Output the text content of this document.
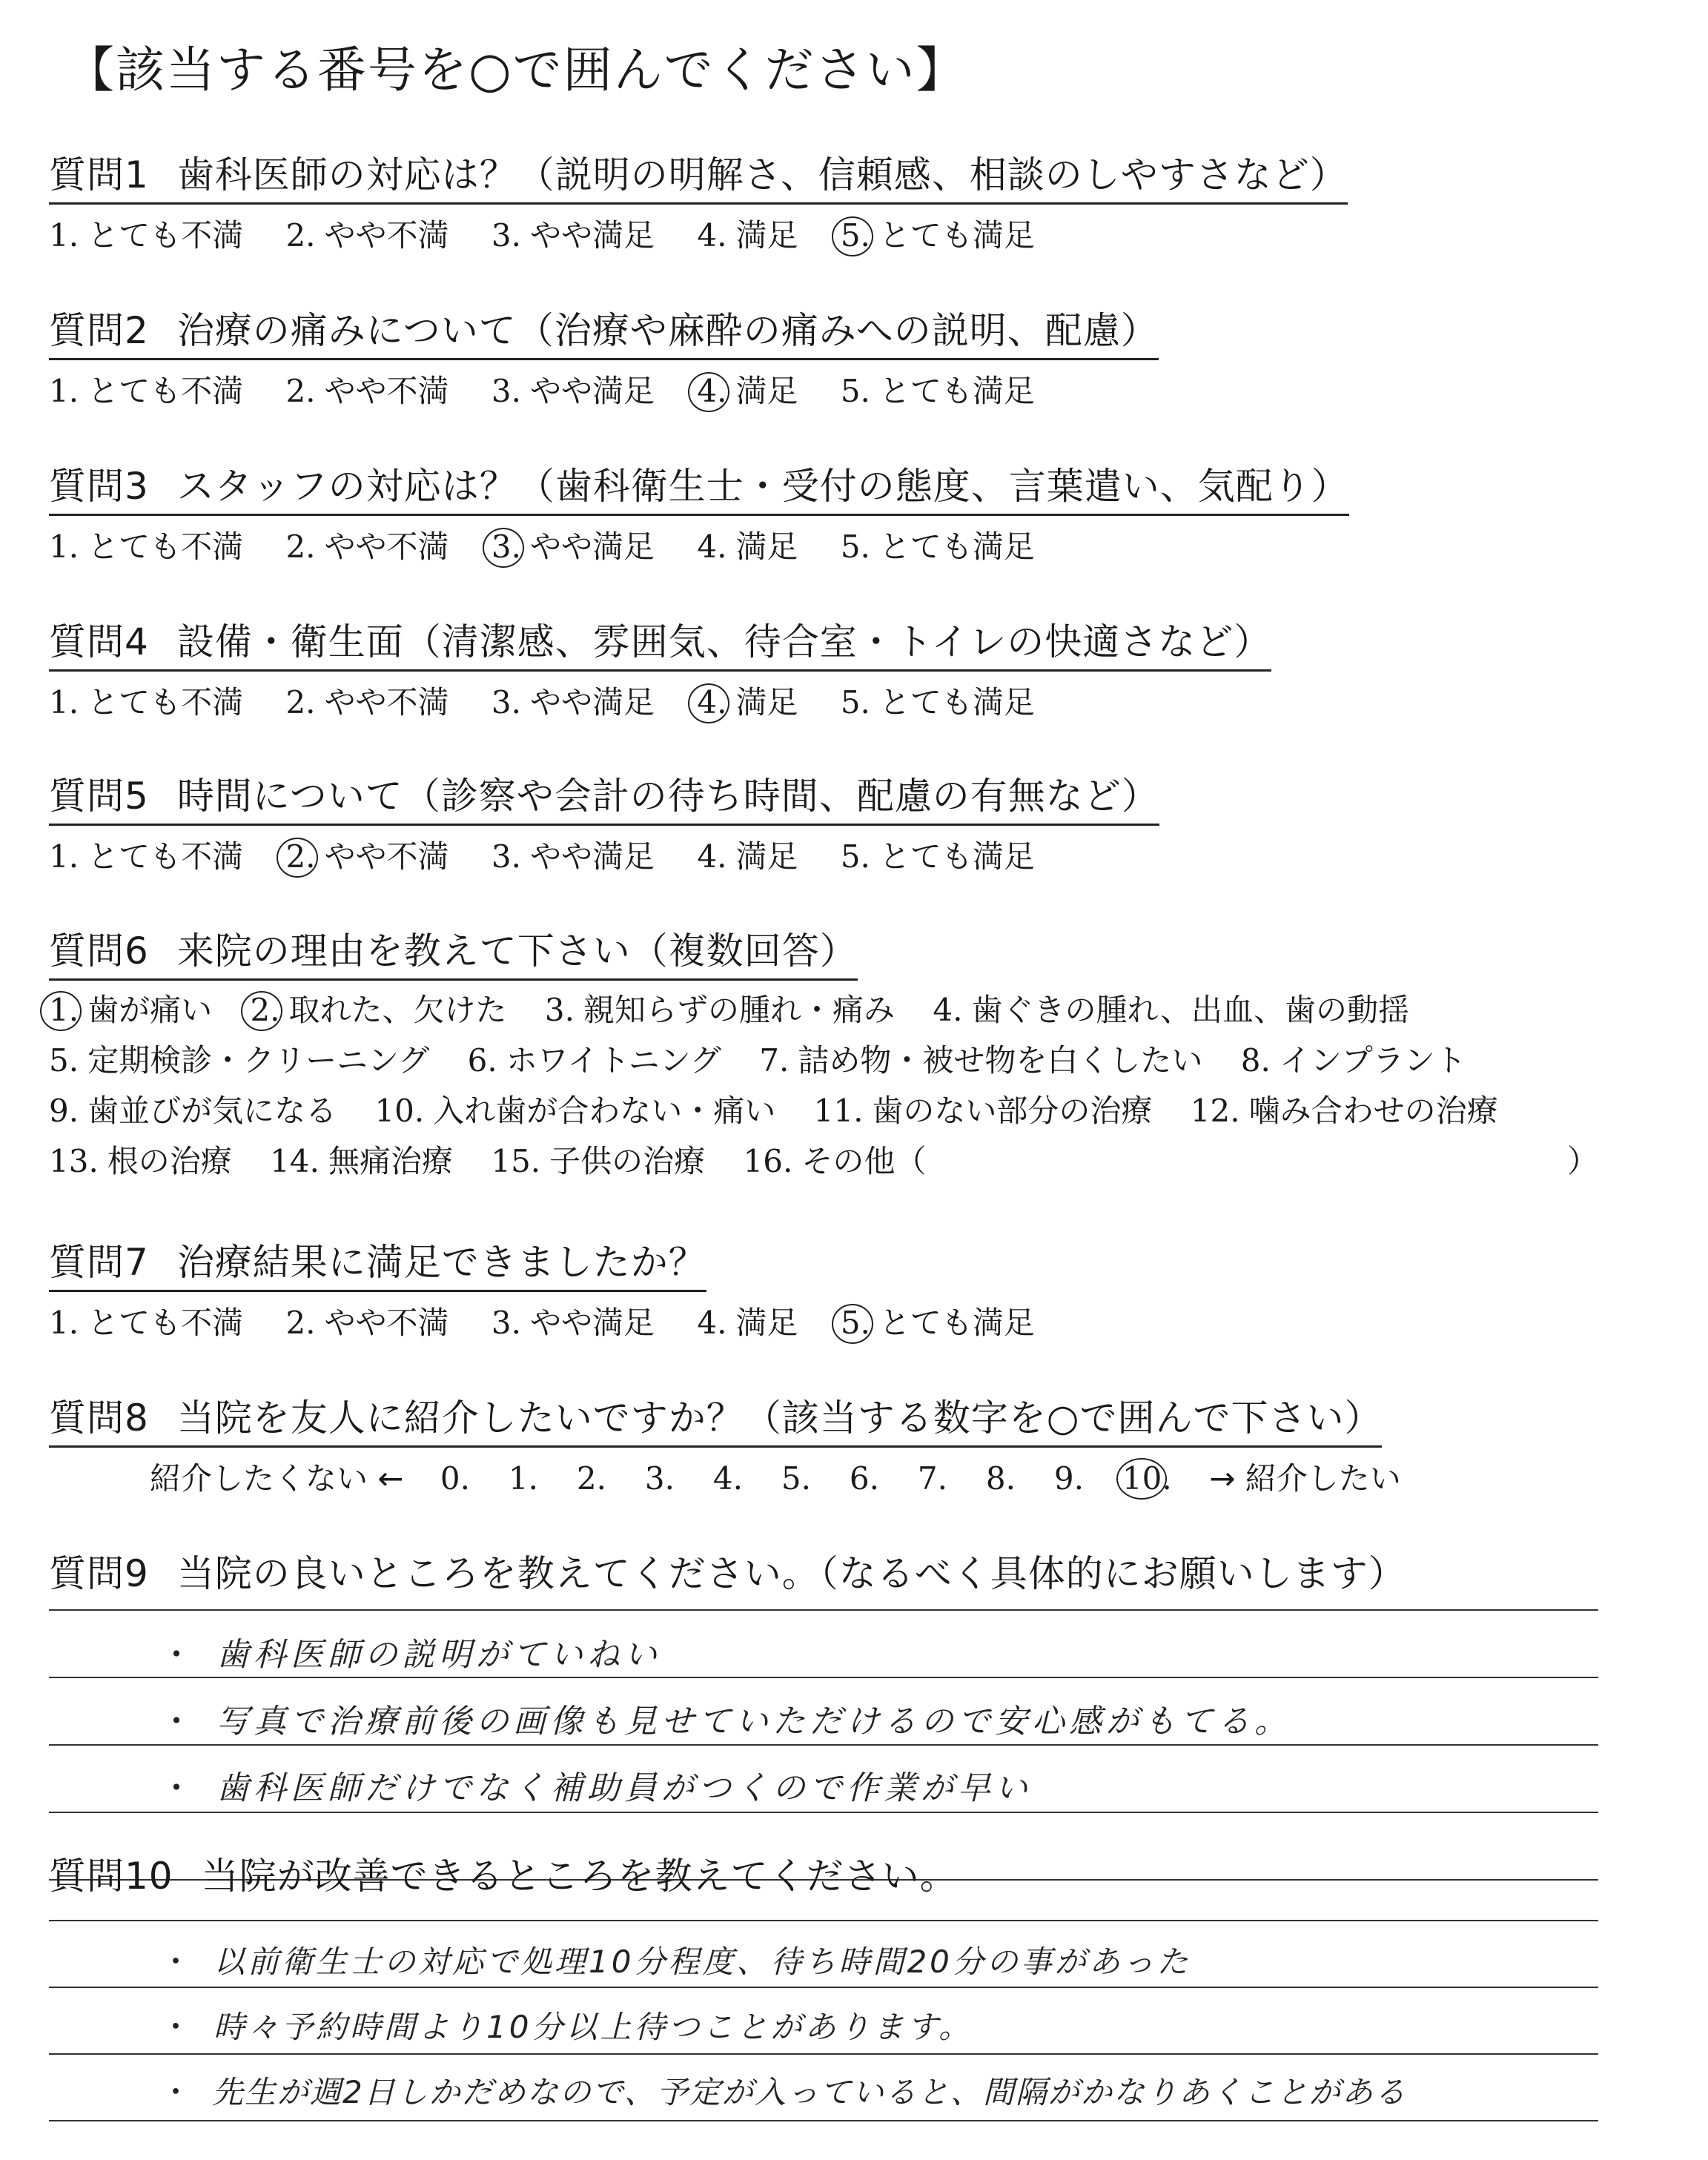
【該当する番号を○で囲んでください】
質問1 歯科医師の対応は？（説明の明解さ、信頼感、相談のしやすさなど）
1. とても不満 2. やや不満 3. やや満足 4. 満足 5. とても満足
質問2 治療の痛みについて（治療や麻酔の痛みへの説明、配慮）
1. とても不満 2. やや不満 3. やや満足 4. 満足 5. とても満足
質問3 スタッフの対応は？（歯科衛生士・受付の態度、言葉遣い、気配り）
1. とても不満 2. やや不満 3. やや満足 4. 満足 5. とても満足
質問4 設備・衛生面（清潔感、雰囲気、待合室・トイレの快適さなど）
1. とても不満 2. やや不満 3. やや満足 4. 満足 5. とても満足
質問5 時間について（診察や会計の待ち時間、配慮の有無など）
1. とても不満 2. やや不満 3. やや満足 4. 満足 5. とても満足
質問6 来院の理由を教えて下さい（複数回答）
1. 歯が痛い 2. 取れた、欠けた 3. 親知らずの腫れ・痛み 4. 歯ぐきの腫れ、出血、歯の動揺
5. 定期検診・クリーニング 6. ホワイトニング 7. 詰め物・被せ物を白くしたい 8. インプラント
9. 歯並びが気になる 10. 入れ歯が合わない・痛い 11. 歯のない部分の治療 12. 噛み合わせの治療
13. 根の治療 14. 無痛治療 15. 子供の治療 16. その他（	）
質問7 治療結果に満足できましたか？
1. とても不満 2. やや不満 3. やや満足 4. 満足 5. とても満足
質問8 当院を友人に紹介したいですか？（該当する数字を○で囲んで下さい）
紹介したくない ← 0. 1. 2. 3. 4. 5. 6. 7. 8. 9. 10. → 紹介したい
質問9 当院の良いところを教えてください。（なるべく具体的にお願いします）
・ 歯科医師の説明がていねい
・ 写真で治療前後の画像も見せていただけるので安心感がもてる。
・ 歯科医師だけでなく補助員がつくので作業が早い
質問10 当院が改善できるところを教えてください。
・ 以前衛生士の対応で処理10分程度、待ち時間20分の事があった
・ 時々予約時間より10分以上待つことがあります。
・ 先生が週2日しかだめなので、予定が入っていると、間隔がかなりあくことがある
